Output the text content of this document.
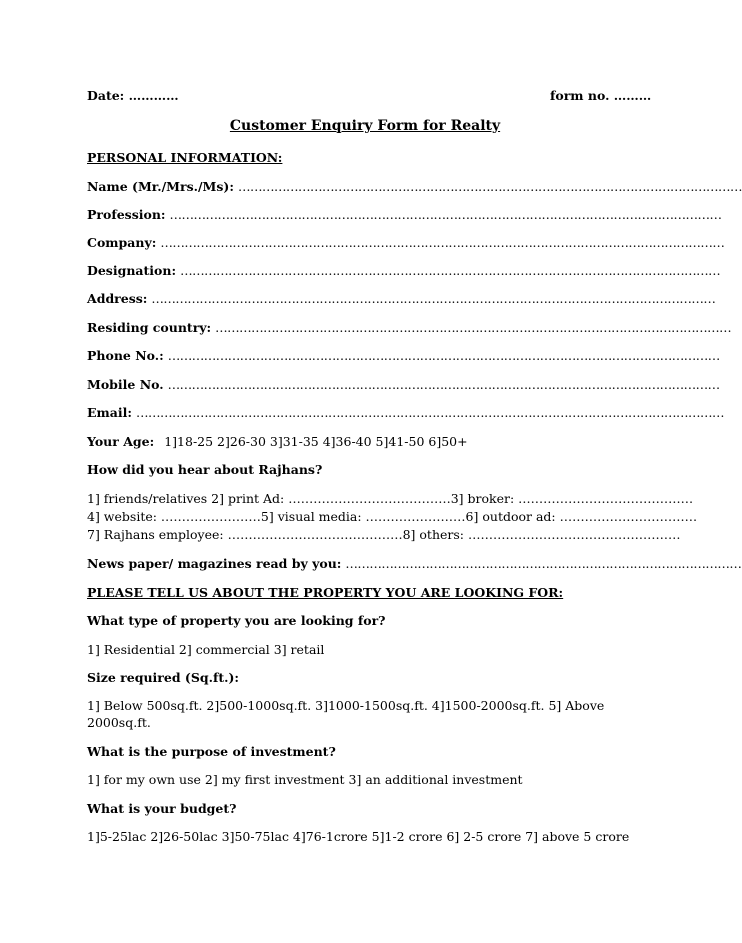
Date: …………	form no. ………
Customer Enquiry Form for Realty
PERSONAL INFORMATION:
Name (Mr./Mrs./Ms): ………………………………………………………………………………………………………………
Profession: …………………………………………………………………………………………………………………………
Company: ……………………………………………………………………………………………………………………………
Designation: ………………………………………………………………………………………………………………………
Address: ……………………………………………………………………………………………………………………………
Residing country: …………………………………………………………………………………………………………………
Phone No.: …………………………………………………………………………………………………………………………
Mobile No. …………………………………………………………………………………………………………………………
Email: …………………………………………………………………………………………………………………………………
Your Age: 1]18-25 2]26-30 3]31-35 4]36-40 5]41-50 6]50+
How did you hear about Rajhans?
1] friends/relatives 2] print Ad: …………………………………3] broker: ……………………………………
4] website: ……………………5] visual media: ……………………6] outdoor ad: ……………………………
7] Rajhans employee: ……………………………………8] others: ……………………………………………
News paper/ magazines read by you: ………………………………………………………………………………………
PLEASE TELL US ABOUT THE PROPERTY YOU ARE LOOKING FOR:
What type of property you are looking for?
1] Residential 2] commercial 3] retail
Size required (Sq.ft.):
1] Below 500sq.ft. 2]500-1000sq.ft. 3]1000-1500sq.ft. 4]1500-2000sq.ft. 5] Above 2000sq.ft.
What is the purpose of investment?
1] for my own use 2] my first investment 3] an additional investment
What is your budget?
1]5-25lac 2]26-50lac 3]50-75lac 4]76-1crore 5]1-2 crore 6] 2-5 crore 7] above 5 crore
